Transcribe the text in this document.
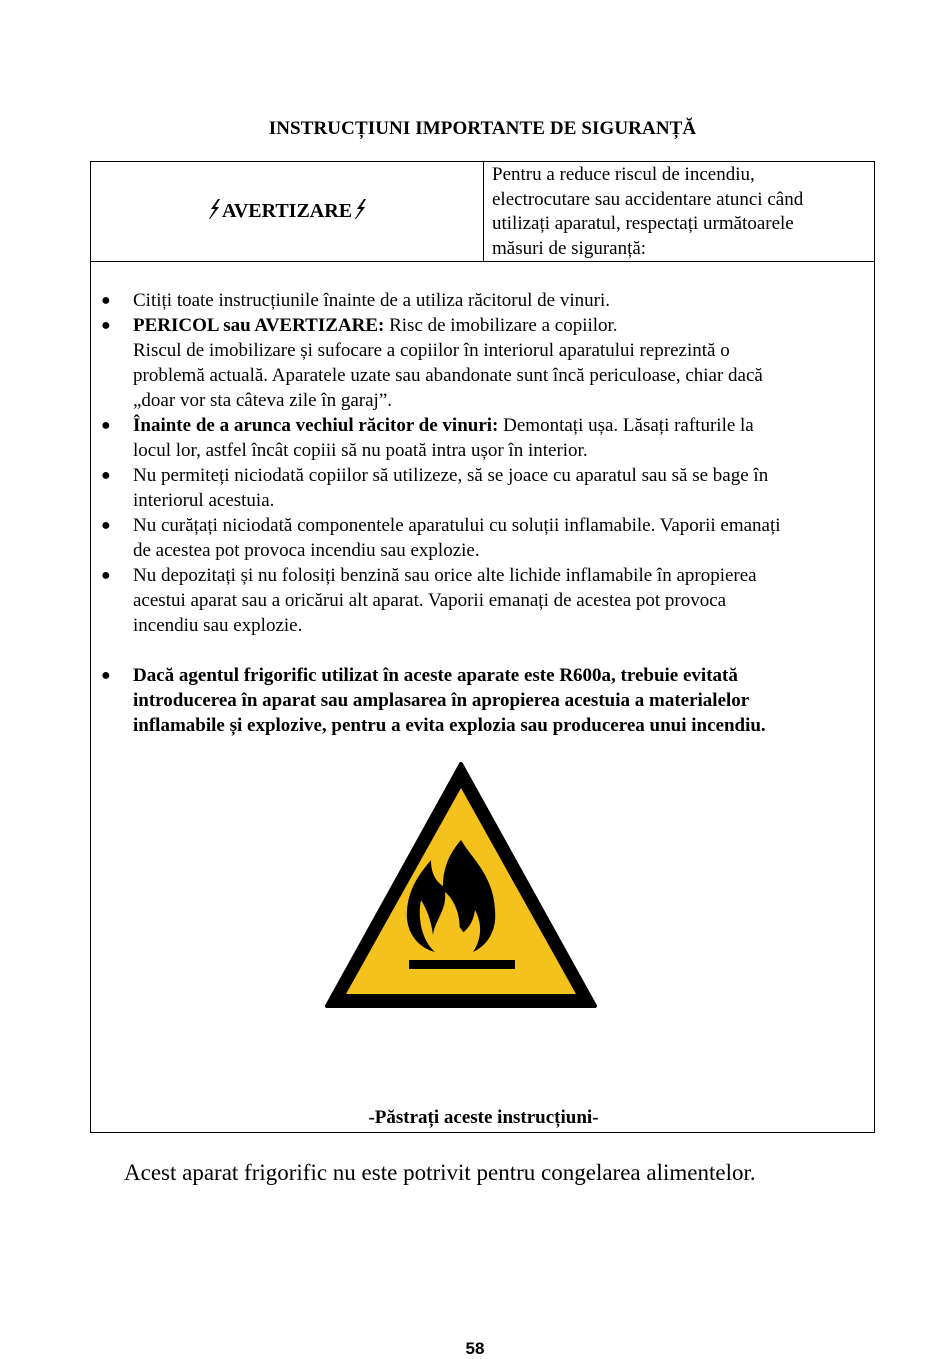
INSTRUCȚIUNI IMPORTANTE DE SIGURANȚĂ
AVERTIZARE
Pentru a reduce riscul de incendiu,
electrocutare sau accidentare atunci când
utilizați aparatul, respectați următoarele
măsuri de siguranță:
● Citiți toate instrucțiunile înainte de a utiliza răcitorul de vinuri.
● PERICOL sau AVERTIZARE: Risc de imobilizare a copiilor.
Riscul de imobilizare și sufocare a copiilor în interiorul aparatului reprezintă o
problemă actuală. Aparatele uzate sau abandonate sunt încă periculoase, chiar dacă
„doar vor sta câteva zile în garaj”.
● Înainte de a arunca vechiul răcitor de vinuri: Demontați ușa. Lăsați rafturile la
locul lor, astfel încât copiii să nu poată intra ușor în interior.
● Nu permiteți niciodată copiilor să utilizeze, să se joace cu aparatul sau să se bage în
interiorul acestuia.
● Nu curățați niciodată componentele aparatului cu soluții inflamabile. Vaporii emanați
de acestea pot provoca incendiu sau explozie.
● Nu depozitați și nu folosiți benzină sau orice alte lichide inflamabile în apropierea
acestui aparat sau a oricărui alt aparat. Vaporii emanați de acestea pot provoca
incendiu sau explozie.
● Dacă agentul frigorific utilizat în aceste aparate este R600a, trebuie evitată
introducerea în aparat sau amplasarea în apropierea acestuia a materialelor
inflamabile și explozive, pentru a evita explozia sau producerea unui incendiu.
-Păstrați aceste instrucțiuni-
Acest aparat frigorific nu este potrivit pentru congelarea alimentelor.
58
